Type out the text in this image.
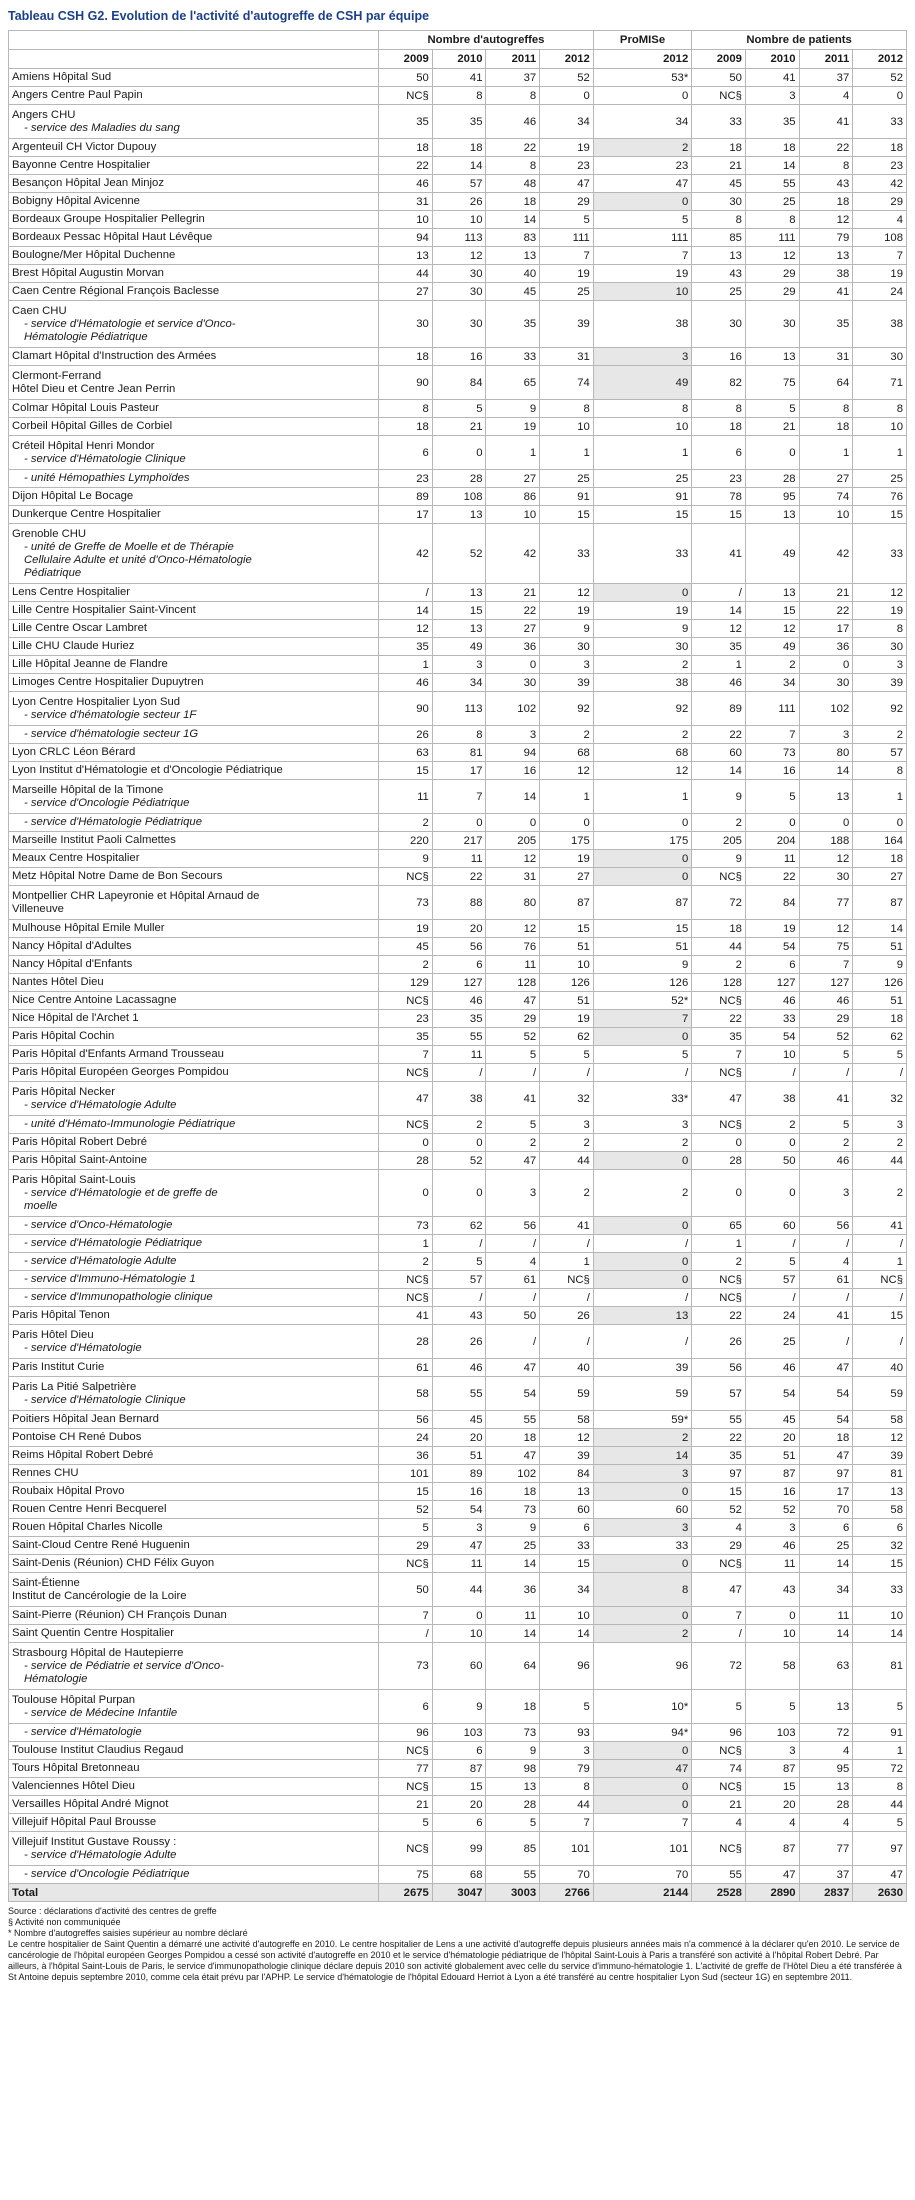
Tableau CSH G2. Evolution de l'activité d'autogreffe de CSH par équipe
	Nombre d'autogreffes				ProMISe	Nombre de patients			
	2009	2010	2011	2012	2012	2009	2010	2011	2012

Amiens Hôpital Sud	50	41	37	52	53*	50	41	37	52

Angers Centre Paul Papin	NC§	8	8	0	0	NC§	3	4	0

Angers CHU
- service des Maladies du sang	35	35	46	34	34	33	35	41	33

Argenteuil CH Victor Dupouy	18	18	22	19	2	18	18	22	18

Bayonne Centre Hospitalier	22	14	8	23	23	21	14	8	23

Besançon Hôpital Jean Minjoz	46	57	48	47	47	45	55	43	42

Bobigny Hôpital Avicenne	31	26	18	29	0	30	25	18	29

Bordeaux Groupe Hospitalier Pellegrin	10	10	14	5	5	8	8	12	4

Bordeaux Pessac Hôpital Haut Lévêque	94	113	83	111	111	85	111	79	108

Boulogne/Mer Hôpital Duchenne	13	12	13	7	7	13	12	13	7

Brest Hôpital Augustin Morvan	44	30	40	19	19	43	29	38	19

Caen Centre Régional François Baclesse	27	30	45	25	10	25	29	41	24

Caen CHU
- service d'Hématologie et service d'Onco-
Hématologie Pédiatrique	30	30	35	39	38	30	30	35	38

Clamart Hôpital d'Instruction des Armées	18	16	33	31	3	16	13	31	30

Clermont-Ferrand
Hôtel Dieu et Centre Jean Perrin	90	84	65	74	49	82	75	64	71

Colmar Hôpital Louis Pasteur	8	5	9	8	8	8	5	8	8

Corbeil Hôpital Gilles de Corbiel	18	21	19	10	10	18	21	18	10

Créteil Hôpital Henri Mondor
- service d'Hématologie Clinique	6	0	1	1	1	6	0	1	1

- unité Hémopathies Lymphoïdes	23	28	27	25	25	23	28	27	25

Dijon Hôpital Le Bocage	89	108	86	91	91	78	95	74	76

Dunkerque Centre Hospitalier	17	13	10	15	15	15	13	10	15

Grenoble CHU
- unité de Greffe de Moelle et de Thérapie
Cellulaire Adulte et unité d'Onco-Hématologie
Pédiatrique	42	52	42	33	33	41	49	42	33

Lens Centre Hospitalier	/	13	21	12	0	/	13	21	12

Lille Centre Hospitalier Saint-Vincent	14	15	22	19	19	14	15	22	19

Lille Centre Oscar Lambret	12	13	27	9	9	12	12	17	8

Lille CHU Claude Huriez	35	49	36	30	30	35	49	36	30

Lille Hôpital Jeanne de Flandre	1	3	0	3	2	1	2	0	3

Limoges Centre Hospitalier Dupuytren	46	34	30	39	38	46	34	30	39

Lyon Centre Hospitalier Lyon Sud
- service d'hématologie secteur 1F	90	113	102	92	92	89	111	102	92

- service d'hématologie secteur 1G	26	8	3	2	2	22	7	3	2

Lyon CRLC Léon Bérard	63	81	94	68	68	60	73	80	57

Lyon Institut d'Hématologie et d'Oncologie Pédiatrique	15	17	16	12	12	14	16	14	8

Marseille Hôpital de la Timone
- service d'Oncologie Pédiatrique	11	7	14	1	1	9	5	13	1

- service d'Hématologie Pédiatrique	2	0	0	0	0	2	0	0	0

Marseille Institut Paoli Calmettes	220	217	205	175	175	205	204	188	164

Meaux Centre Hospitalier	9	11	12	19	0	9	11	12	18

Metz Hôpital Notre Dame de Bon Secours	NC§	22	31	27	0	NC§	22	30	27

Montpellier CHR Lapeyronie et Hôpital Arnaud de
Villeneuve	73	88	80	87	87	72	84	77	87

Mulhouse Hôpital Emile Muller	19	20	12	15	15	18	19	12	14

Nancy Hôpital d'Adultes	45	56	76	51	51	44	54	75	51

Nancy Hôpital d'Enfants	2	6	11	10	9	2	6	7	9

Nantes Hôtel Dieu	129	127	128	126	126	128	127	127	126

Nice Centre Antoine Lacassagne	NC§	46	47	51	52*	NC§	46	46	51

Nice Hôpital de l'Archet 1	23	35	29	19	7	22	33	29	18

Paris Hôpital Cochin	35	55	52	62	0	35	54	52	62

Paris Hôpital d'Enfants Armand Trousseau	7	11	5	5	5	7	10	5	5

Paris Hôpital Européen Georges Pompidou	NC§	/	/	/	/	NC§	/	/	/

Paris Hôpital Necker
- service d'Hématologie Adulte	47	38	41	32	33*	47	38	41	32

- unité d'Hémato-Immunologie Pédiatrique	NC§	2	5	3	3	NC§	2	5	3

Paris Hôpital Robert Debré	0	0	2	2	2	0	0	2	2

Paris Hôpital Saint-Antoine	28	52	47	44	0	28	50	46	44

Paris Hôpital Saint-Louis
- service d'Hématologie et de greffe de
moelle	0	0	3	2	2	0	0	3	2

- service d'Onco-Hématologie	73	62	56	41	0	65	60	56	41

- service d'Hématologie Pédiatrique	1	/	/	/	/	1	/	/	/

- service d'Hématologie Adulte	2	5	4	1	0	2	5	4	1

- service d'Immuno-Hématologie 1	NC§	57	61	NC§	0	NC§	57	61	NC§

- service d'Immunopathologie clinique	NC§	/	/	/	/	NC§	/	/	/

Paris Hôpital Tenon	41	43	50	26	13	22	24	41	15

Paris Hôtel Dieu
- service d'Hématologie	28	26	/	/	/	26	25	/	/

Paris Institut Curie	61	46	47	40	39	56	46	47	40

Paris La Pitié Salpetrière
- service d'Hématologie Clinique	58	55	54	59	59	57	54	54	59

Poitiers Hôpital Jean Bernard	56	45	55	58	59*	55	45	54	58

Pontoise CH René Dubos	24	20	18	12	2	22	20	18	12

Reims Hôpital Robert Debré	36	51	47	39	14	35	51	47	39

Rennes CHU	101	89	102	84	3	97	87	97	81

Roubaix Hôpital Provo	15	16	18	13	0	15	16	17	13

Rouen Centre Henri Becquerel	52	54	73	60	60	52	52	70	58

Rouen Hôpital Charles Nicolle	5	3	9	6	3	4	3	6	6

Saint-Cloud Centre René Huguenin	29	47	25	33	33	29	46	25	32

Saint-Denis (Réunion) CHD Félix Guyon	NC§	11	14	15	0	NC§	11	14	15

Saint-Étienne
Institut de Cancérologie de la Loire	50	44	36	34	8	47	43	34	33

Saint-Pierre (Réunion) CH François Dunan	7	0	11	10	0	7	0	11	10

Saint Quentin Centre Hospitalier	/	10	14	14	2	/	10	14	14

Strasbourg Hôpital de Hautepierre
- service de Pédiatrie et service d'Onco-
Hématologie	73	60	64	96	96	72	58	63	81

Toulouse Hôpital Purpan
- service de Médecine Infantile	6	9	18	5	10*	5	5	13	5

- service d'Hématologie	96	103	73	93	94*	96	103	72	91

Toulouse Institut Claudius Regaud	NC§	6	9	3	0	NC§	3	4	1

Tours Hôpital Bretonneau	77	87	98	79	47	74	87	95	72

Valenciennes Hôtel Dieu	NC§	15	13	8	0	NC§	15	13	8

Versailles Hôpital André Mignot	21	20	28	44	0	21	20	28	44

Villejuif Hôpital Paul Brousse	5	6	5	7	7	4	4	4	5

Villejuif Institut Gustave Roussy :
- service d'Hématologie Adulte	NC§	99	85	101	101	NC§	87	77	97

- service d'Oncologie Pédiatrique	75	68	55	70	70	55	47	37	47
Total	2675	3047	3003	2766	2144	2528	2890	2837	2630
Source : déclarations d'activité des centres de greffe
§ Activité non communiquée
* Nombre d'autogreffes saisies supérieur au nombre déclaré
Le centre hospitalier de Saint Quentin a démarré une activité d'autogreffe en 2010. Le centre hospitalier de Lens a une activité d'autogreffe depuis plusieurs années mais n'a commencé à la déclarer qu'en 2010. Le service de cancérologie de l'hôpital européen Georges Pompidou a cessé son activité d'autogreffe en 2010 et le service d'hématologie pédiatrique de l'hôpital Saint-Louis à Paris a transféré son activité à l'hôpital Robert Debré. Par ailleurs, à l'hôpital Saint-Louis de Paris, le service d'immunopathologie clinique déclare depuis 2010 son activité globalement avec celle du service d'immuno-hématologie 1. L'activité de greffe de l'Hôtel Dieu a été transférée à St Antoine depuis septembre 2010, comme cela était prévu par l'APHP. Le service d'hématologie de l'hôpital Edouard Herriot à Lyon a été transféré au centre hospitalier Lyon Sud (secteur 1G) en septembre 2011.
